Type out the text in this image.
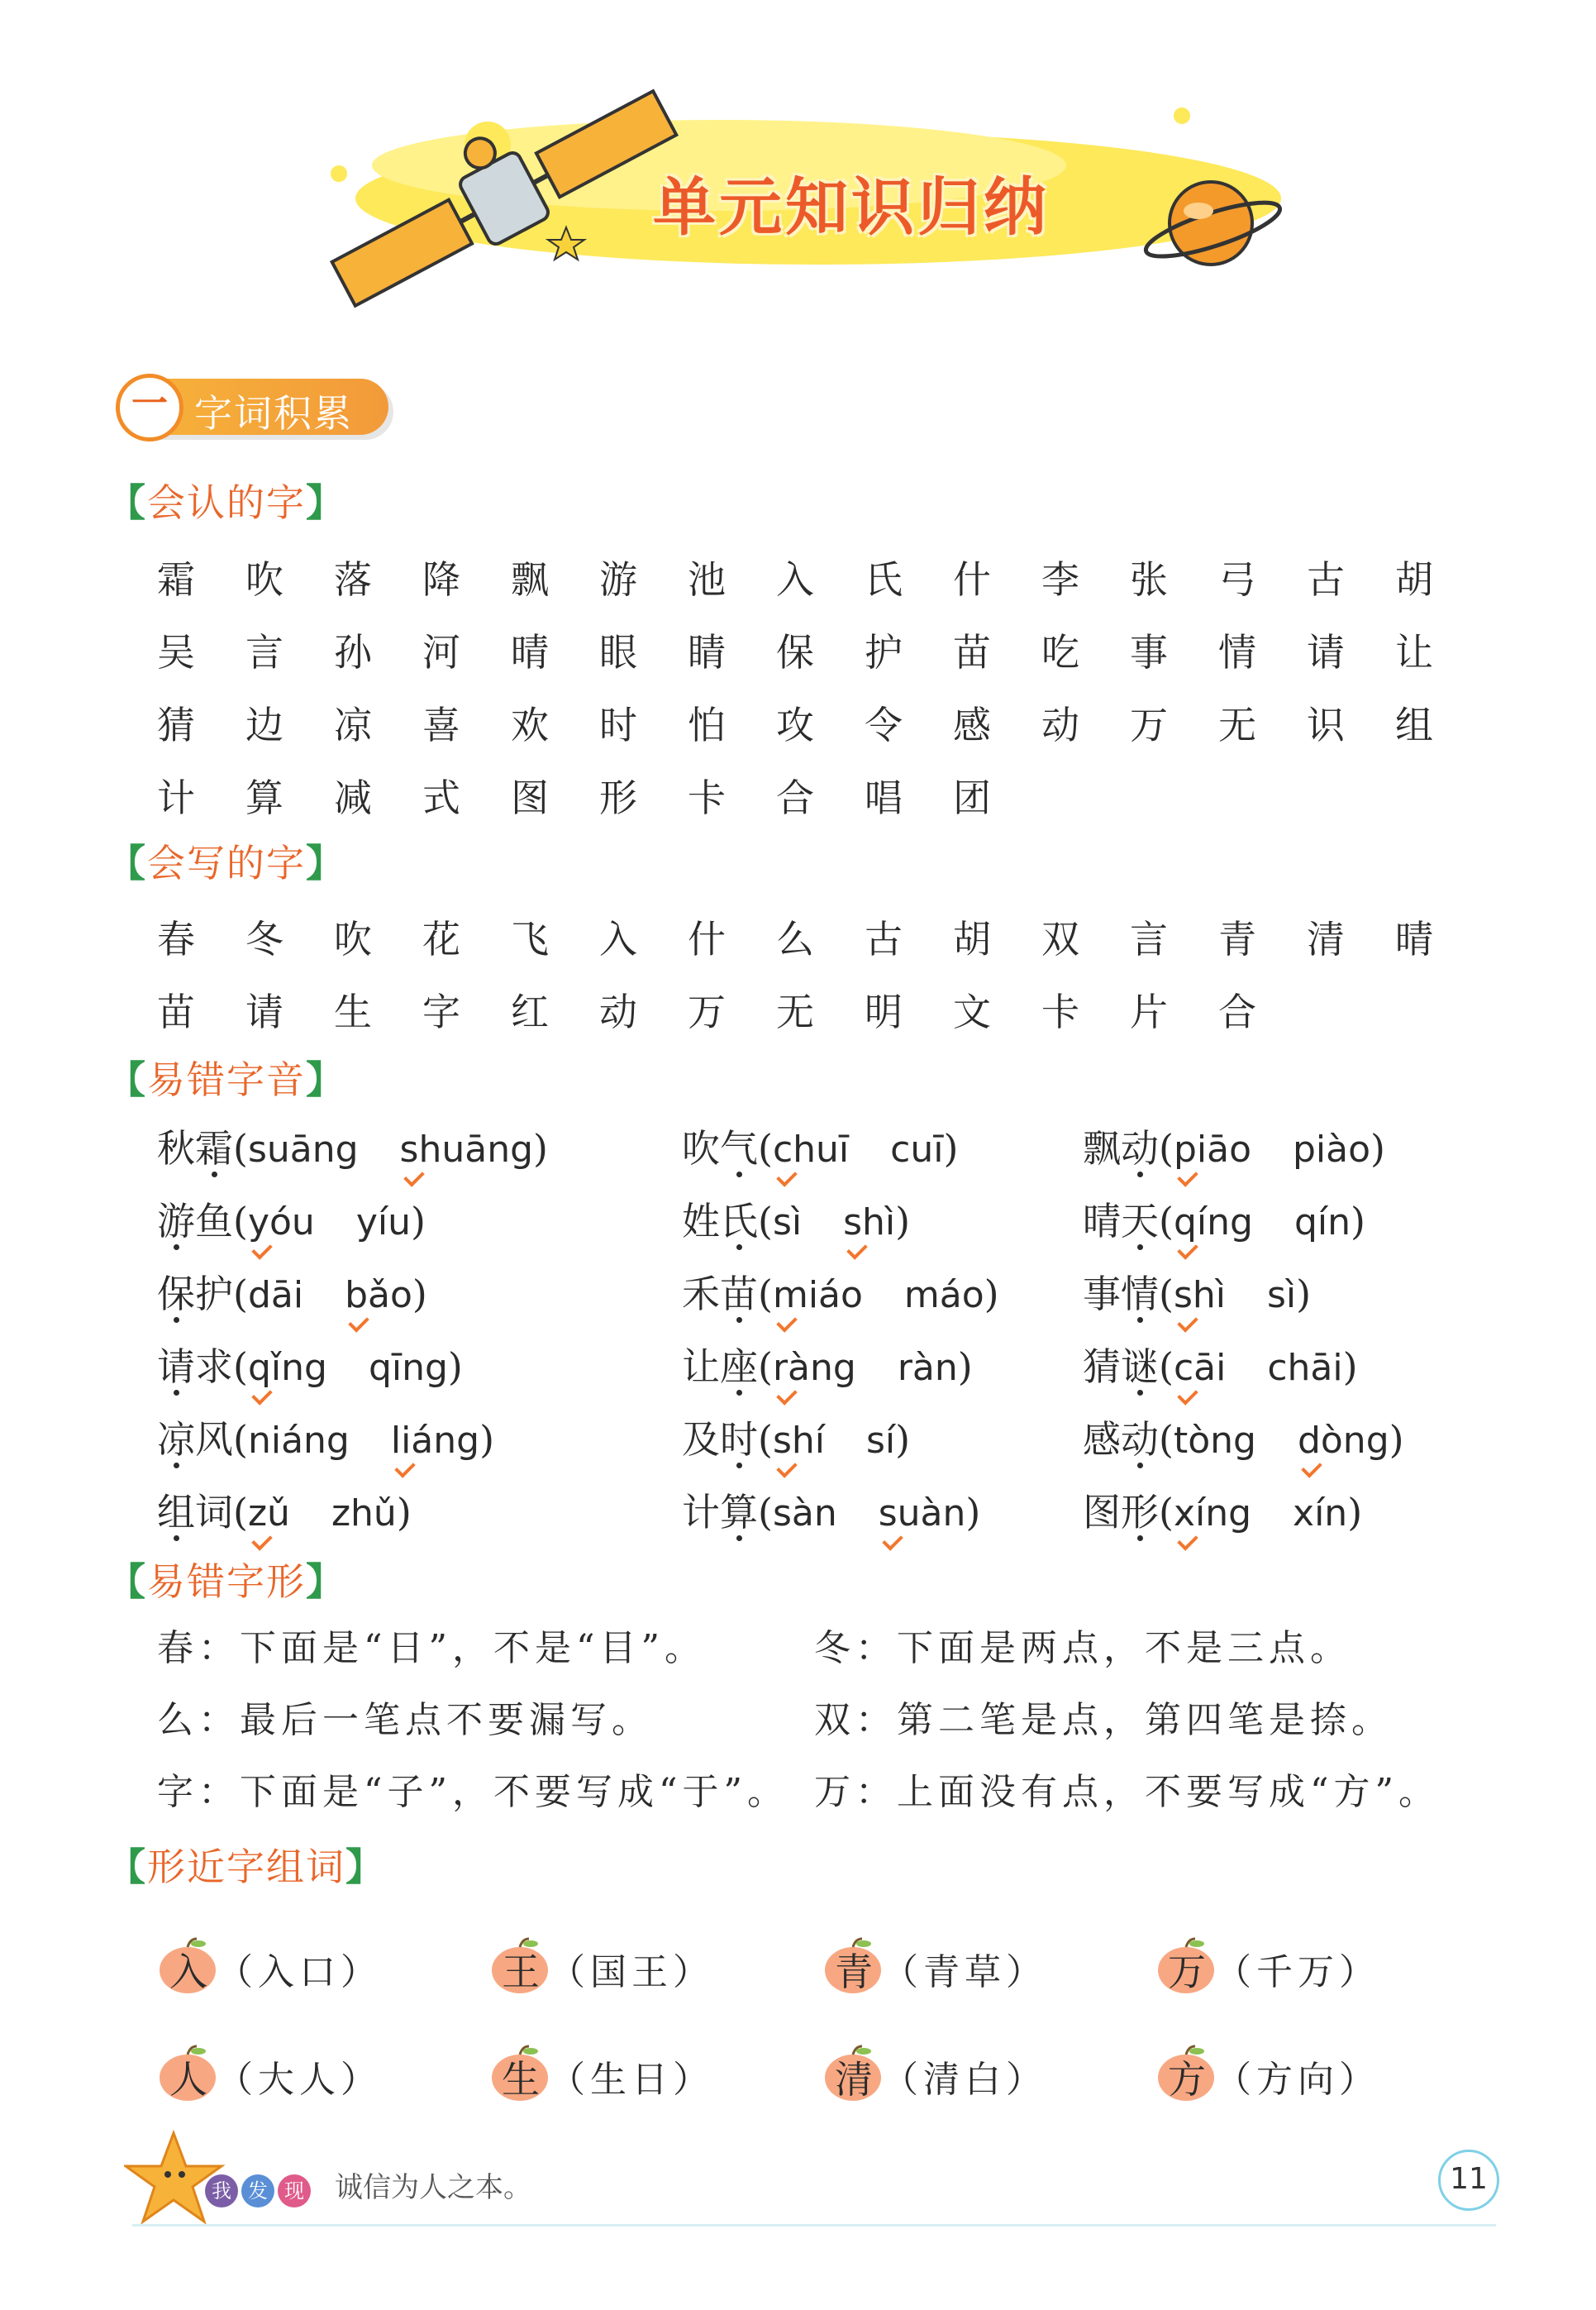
单元知识归纳
一 字词积累
【会认的字】
霜	吹	落	降	飘	游	池	入	氏	什	李	张	弓	古	胡
吴	言	孙	河	晴	眼	睛	保	护	苗	吃	事	情	请	让
猜	边	凉	喜	欢	时	怕	攻	令	感	动	万	无	识	组
计	算	减	式	图	形	卡	合	唱	团
【会写的字】
春	冬	吹	花	飞	入	什	么	古	胡	双	言	青	清	晴
苗	请	生	字	红	动	万	无	明	文	卡	片	合
【易错字音】
秋霜(suāng shuāng)	吹气(chuī cuī)	飘动(piāo piào)
游鱼(yóu yíu)	姓氏(sì shì)	晴天(qíng qín)
保护(dāi bǎo)	禾苗(miáo máo) 事情(shì sì)
请求(qǐng qīng)	让座(ràng ràn)	猜谜(cāi chāi)
凉风(niáng liáng)	及时(shí sí)	感动(tòng dòng)
组词(zǔ zhǔ)	计算(sàn suàn)	图形(xíng xín)
【易错字形】
春：下面是“日”，不是“目”。	冬：下面是两点，不是三点。
么：最后一笔点不要漏写。	双：第二笔是点，第四笔是捺。
字：下面是“子”，不要写成“于”。 万：上面没有点，不要写成“方”。
【形近字组词】
入 （入口）	王 （国王）	青 （青草）	万 （千万）
人 （大人）	生 （生日）	清 （清白）	方 （方向）
我 发 现	诚信为人之本。	11
